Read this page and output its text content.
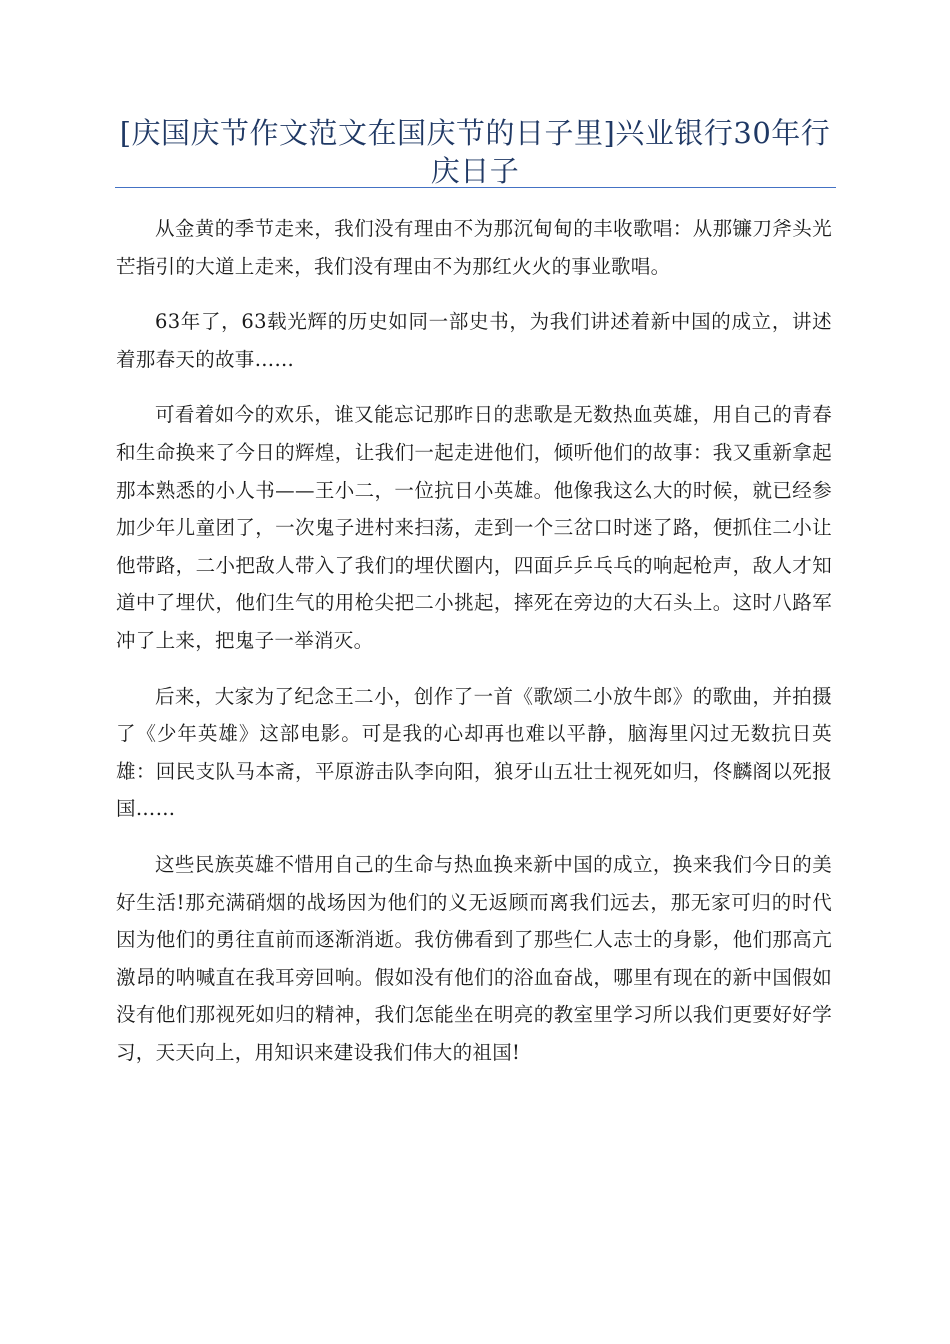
[庆国庆节作文范文在国庆节的日子里]兴业银行30年行庆日子

从金黄的季节走来，我们没有理由不为那沉甸甸的丰收歌唱：从那镰刀斧头光芒指引的大道上走来，我们没有理由不为那红火火的事业歌唱。

63年了，63载光辉的历史如同一部史书，为我们讲述着新中国的成立，讲述着那春天的故事……

可看着如今的欢乐，谁又能忘记那昨日的悲歌是无数热血英雄，用自己的青春和生命换来了今日的辉煌，让我们一起走进他们，倾听他们的故事：我又重新拿起那本熟悉的小人书——王小二，一位抗日小英雄。他像我这么大的时候，就已经参加少年儿童团了，一次鬼子进村来扫荡，走到一个三岔口时迷了路，便抓住二小让他带路，二小把敌人带入了我们的埋伏圈内，四面乒乒乓乓的响起枪声，敌人才知道中了埋伏，他们生气的用枪尖把二小挑起，摔死在旁边的大石头上。这时八路军冲了上来，把鬼子一举消灭。

后来，大家为了纪念王二小，创作了一首《歌颂二小放牛郎》的歌曲，并拍摄了《少年英雄》这部电影。可是我的心却再也难以平静，脑海里闪过无数抗日英雄：回民支队马本斋，平原游击队李向阳，狼牙山五壮士视死如归，佟麟阁以死报国……

这些民族英雄不惜用自己的生命与热血换来新中国的成立，换来我们今日的美好生活!那充满硝烟的战场因为他们的义无返顾而离我们远去，那无家可归的时代因为他们的勇往直前而逐渐消逝。我仿佛看到了那些仁人志士的身影，他们那高亢激昂的呐喊直在我耳旁回响。假如没有他们的浴血奋战，哪里有现在的新中国假如没有他们那视死如归的精神，我们怎能坐在明亮的教室里学习所以我们更要好好学习，天天向上，用知识来建设我们伟大的祖国!
